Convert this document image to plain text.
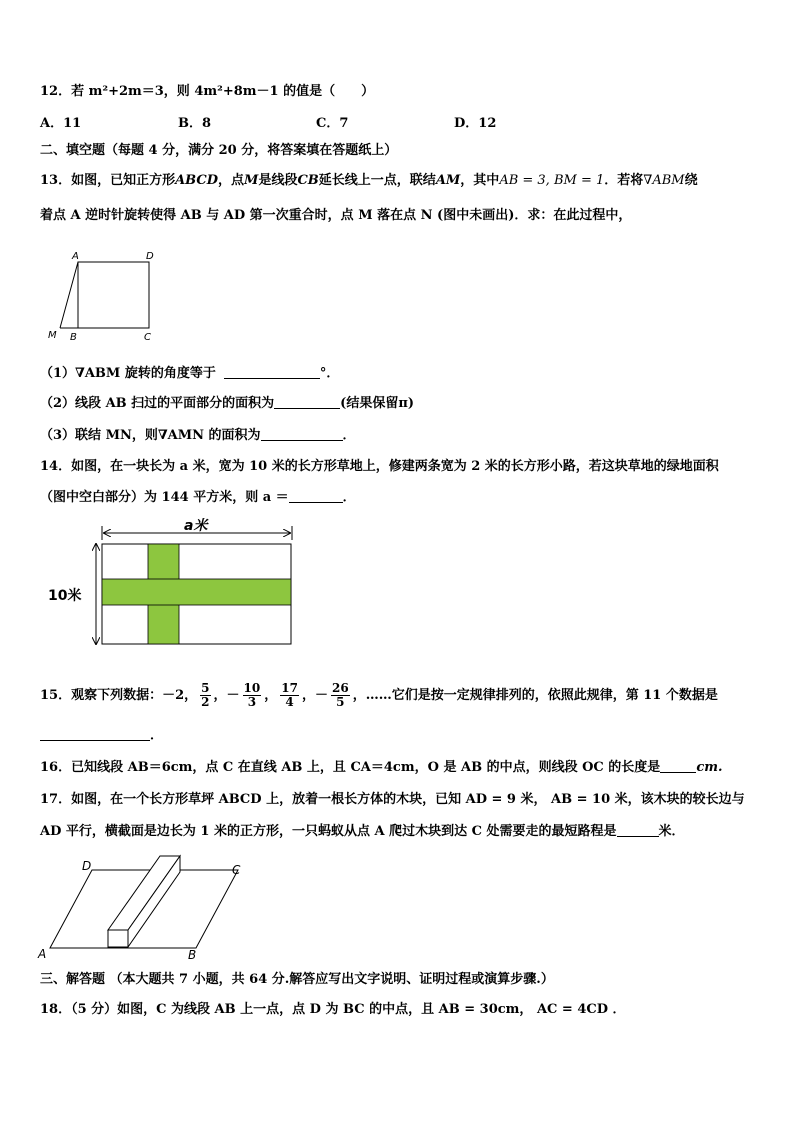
12．若 m²+2m＝3，则 4m²+8m－1 的值是（　　）
A．11	B．8	C．7	D．12
二、填空题（每题 4 分，满分 20 分，将答案填在答题纸上）
13．如图，已知正方形ABCD，点M是线段CB延长线上一点，联结AM，其中AB = 3, BM = 1．若将∇ABM绕
着点 A 逆时针旋转使得 AB 与 AD 第一次重合时，点 M 落在点 N (图中未画出)．求：在此过程中，
A	D
M B	C
（1）∇ABM 旋转的角度等于	°．
（2）线段 AB 扫过的平面部分的面积为	(结果保留π)
（3）联结 MN，则∇AMN 的面积为	．
14．如图，在一块长为 a 米，宽为 10 米的长方形草地上，修建两条宽为 2 米的长方形小路，若这块草地的绿地面积
（图中空白部分）为 144 平方米，则 a ＝	．
a米
10米
15．观察下列数据：－2， $\frac{5}{2}$ ，－ $\frac{10}{3}$ ， $\frac{17}{4}$ ，－ $\frac{26}{5}$ ，……它们是按一定规律排列的，依照此规律，第 11 个数据是
．
16．已知线段 AB＝6cm，点 C 在直线 AB 上，且 CA＝4cm，O 是 AB 的中点，则线段 OC 的长度是	cm.
17．如图，在一个长方形草坪 ABCD 上，放着一根长方体的木块，已知 AD = 9 米， AB = 10 米，该木块的较长边与
AD 平行，横截面是边长为 1 米的正方形，一只蚂蚁从点 A 爬过木块到达 C 处需要走的最短路程是	米．
A	B
C
D
三、解答题 （本大题共 7 小题，共 64 分.解答应写出文字说明、证明过程或演算步骤.）
18．（5 分）如图，C 为线段 AB 上一点，点 D 为 BC 的中点，且 AB = 30cm， AC = 4CD ．
